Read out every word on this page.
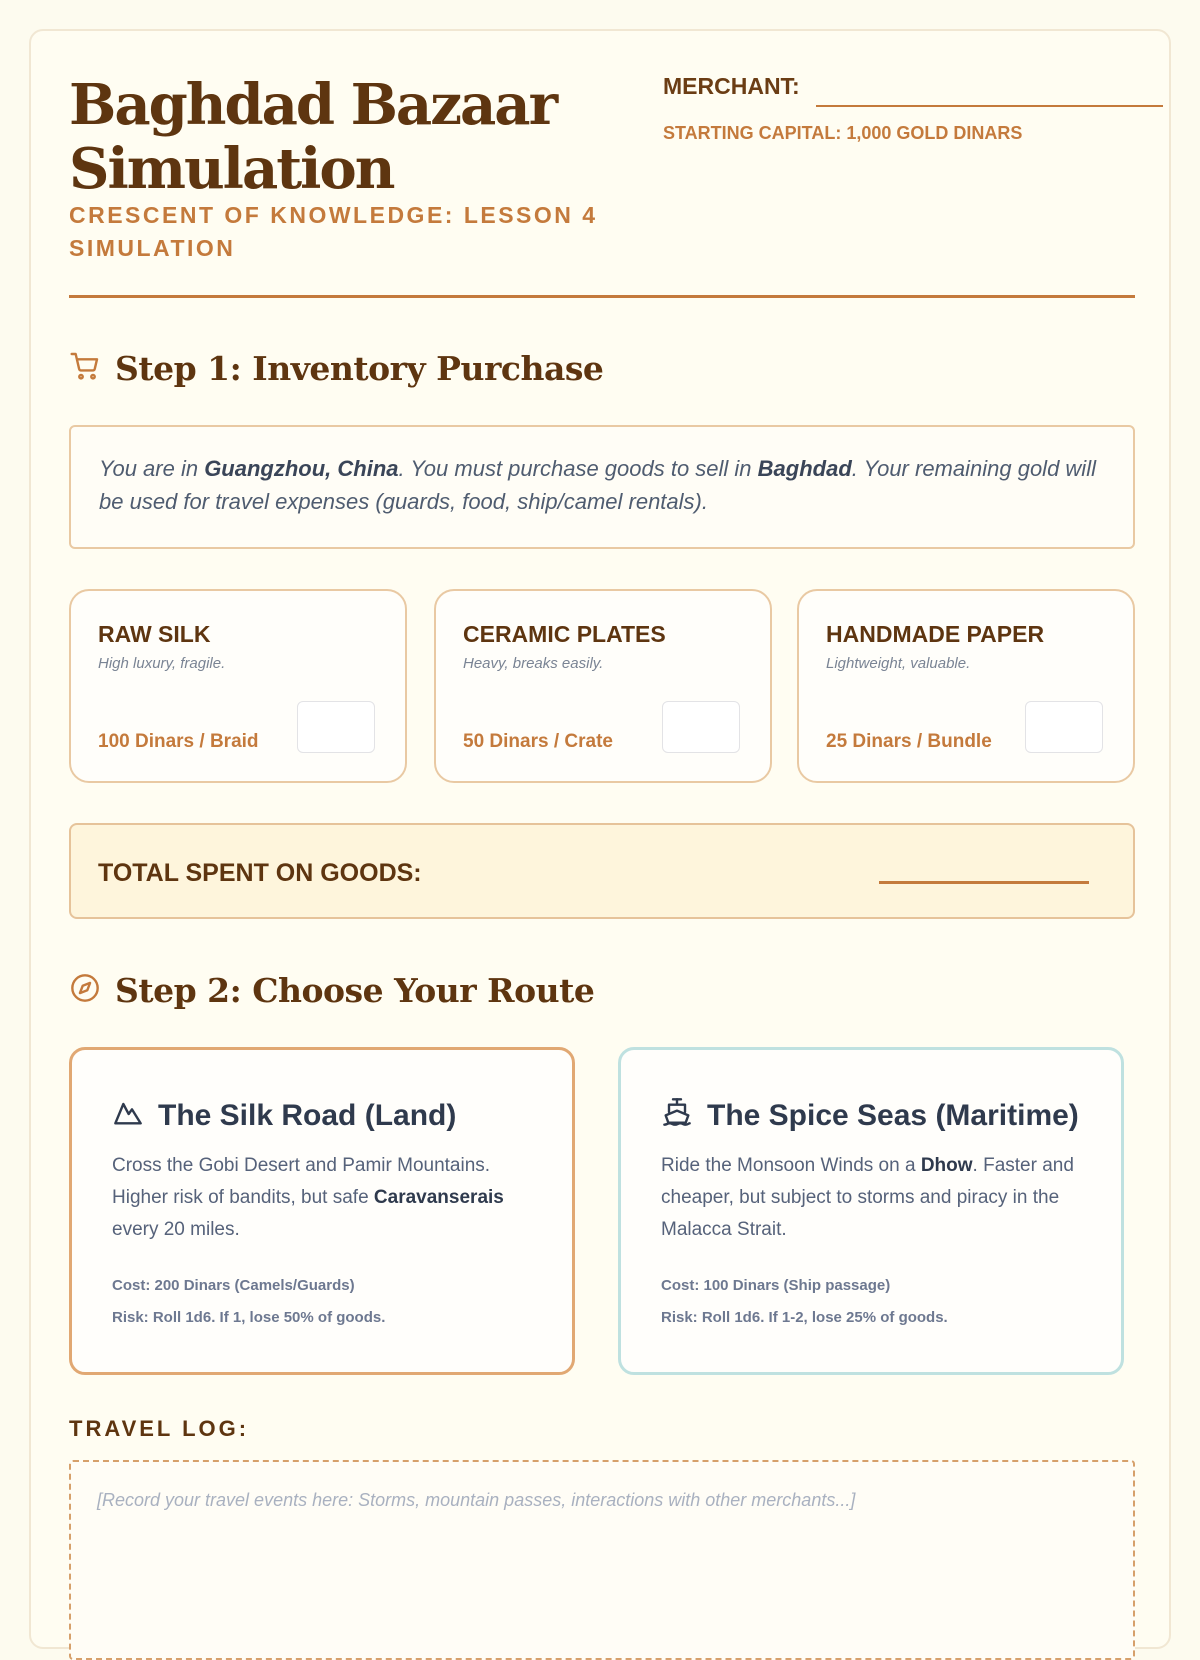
Baghdad Bazaar Simulation
CRESCENT OF KNOWLEDGE: LESSON 4 SIMULATION
MERCHANT:
STARTING CAPITAL: 1,000 GOLD DINARS
Step 1: Inventory Purchase
You are in Guangzhou, China. You must purchase goods to sell in Baghdad. Your remaining gold will be used for travel expenses (guards, food, ship/camel rentals).
RAW SILK
High luxury, fragile.
100 Dinars / Braid
CERAMIC PLATES
Heavy, breaks easily.
50 Dinars / Crate
HANDMADE PAPER
Lightweight, valuable.
25 Dinars / Bundle
TOTAL SPENT ON GOODS:
Step 2: Choose Your Route
The Silk Road (Land)
Cross the Gobi Desert and Pamir Mountains. Higher risk of bandits, but safe Caravanserais every 20 miles.
Cost: 200 Dinars (Camels/Guards)
Risk: Roll 1d6. If 1, lose 50% of goods.
The Spice Seas (Maritime)
Ride the Monsoon Winds on a Dhow. Faster and cheaper, but subject to storms and piracy in the Malacca Strait.
Cost: 100 Dinars (Ship passage)
Risk: Roll 1d6. If 1-2, lose 25% of goods.
TRAVEL LOG:
[Record your travel events here: Storms, mountain passes, interactions with other merchants...]
